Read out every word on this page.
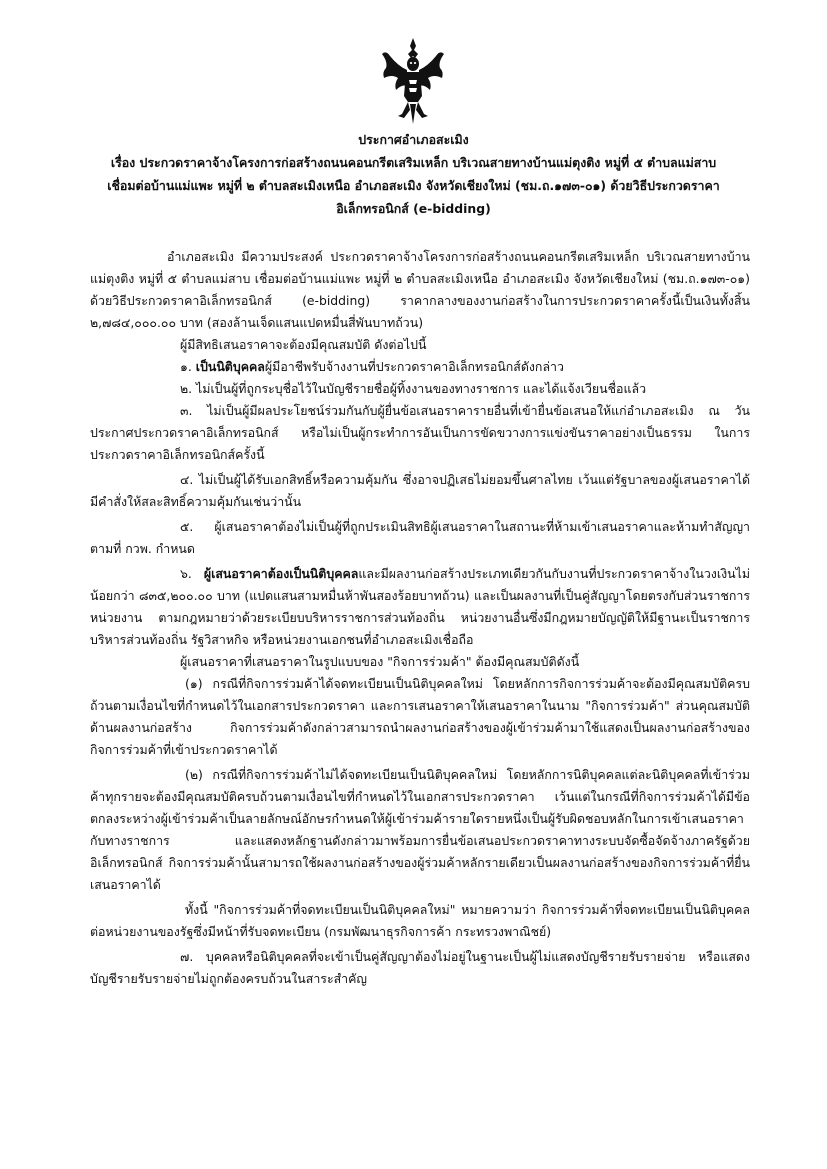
ประกาศอำเภอสะเมิง
เรื่อง ประกวดราคาจ้างโครงการก่อสร้างถนนคอนกรีตเสริมเหล็ก บริเวณสายทางบ้านแม่ตุงติง หมู่ที่ ๕ ตำบลแม่สาบ
เชื่อมต่อบ้านแม่แพะ หมู่ที่ ๒ ตำบลสะเมิงเหนือ อำเภอสะเมิง จังหวัดเชียงใหม่ (ชม.ถ.๑๗๓-๐๑) ด้วยวิธีประกวดราคา
อิเล็กทรอนิกส์ (e-bidding)

อำเภอสะเมิง มีความประสงค์ ประกวดราคาจ้างโครงการก่อสร้างถนนคอนกรีตเสริมเหล็ก บริเวณสายทางบ้านแม่ตุงติง หมู่ที่ ๕ ตำบลแม่สาบ เชื่อมต่อบ้านแม่แพะ หมู่ที่ ๒ ตำบลสะเมิงเหนือ อำเภอสะเมิง จังหวัดเชียงใหม่ (ชม.ถ.๑๗๓-๐๑) ด้วยวิธีประกวดราคาอิเล็กทรอนิกส์ (e-bidding) ราคากลางของงานก่อสร้างในการประกวดราคาครั้งนี้เป็นเงินทั้งสิ้น ๒,๗๘๔,๐๐๐.๐๐ บาท (สองล้านเจ็ดแสนแปดหมื่นสี่พันบาทถ้วน)

ผู้มีสิทธิเสนอราคาจะต้องมีคุณสมบัติ ดังต่อไปนี้

๑. เป็นนิติบุคคลผู้มีอาชีพรับจ้างงานที่ประกวดราคาอิเล็กทรอนิกส์ดังกล่าว

๒. ไม่เป็นผู้ที่ถูกระบุชื่อไว้ในบัญชีรายชื่อผู้ทิ้งงานของทางราชการ และได้แจ้งเวียนชื่อแล้ว

๓. ไม่เป็นผู้มีผลประโยชน์ร่วมกันกับผู้ยื่นข้อเสนอราคารายอื่นที่เข้ายื่นข้อเสนอให้แก่อำเภอสะเมิง ณ วันประกาศประกวดราคาอิเล็กทรอนิกส์ หรือไม่เป็นผู้กระทำการอันเป็นการขัดขวางการแข่งขันราคาอย่างเป็นธรรม ในการประกวดราคาอิเล็กทรอนิกส์ครั้งนี้

๔. ไม่เป็นผู้ได้รับเอกสิทธิ์หรือความคุ้มกัน ซึ่งอาจปฏิเสธไม่ยอมขึ้นศาลไทย เว้นแต่รัฐบาลของผู้เสนอราคาได้มีคำสั่งให้สละสิทธิ์ความคุ้มกันเช่นว่านั้น

๕. ผู้เสนอราคาต้องไม่เป็นผู้ที่ถูกประเมินสิทธิผู้เสนอราคาในสถานะที่ห้ามเข้าเสนอราคาและห้ามทำสัญญาตามที่ กวพ. กำหนด

๖. ผู้เสนอราคาต้องเป็นนิติบุคคลและมีผลงานก่อสร้างประเภทเดียวกันกับงานที่ประกวดราคาจ้างในวงเงินไม่น้อยกว่า ๘๓๕,๒๐๐.๐๐ บาท (แปดแสนสามหมื่นห้าพันสองร้อยบาทถ้วน) และเป็นผลงานที่เป็นคู่สัญญาโดยตรงกับส่วนราชการ หน่วยงาน ตามกฎหมายว่าด้วยระเบียบบริหารราชการส่วนท้องถิ่น หน่วยงานอื่นซึ่งมีกฎหมายบัญญัติให้มีฐานะเป็นราชการบริหารส่วนท้องถิ่น รัฐวิสาหกิจ หรือหน่วยงานเอกชนที่อำเภอสะเมิงเชื่อถือ

ผู้เสนอราคาที่เสนอราคาในรูปแบบของ "กิจการร่วมค้า" ต้องมีคุณสมบัติดังนี้

(๑) กรณีที่กิจการร่วมค้าได้จดทะเบียนเป็นนิติบุคคลใหม่ โดยหลักการกิจการร่วมค้าจะต้องมีคุณสมบัติครบถ้วนตามเงื่อนไขที่กำหนดไว้ในเอกสารประกวดราคา และการเสนอราคาให้เสนอราคาในนาม "กิจการร่วมค้า" ส่วนคุณสมบัติด้านผลงานก่อสร้าง กิจการร่วมค้าดังกล่าวสามารถนำผลงานก่อสร้างของผู้เข้าร่วมค้ามาใช้แสดงเป็นผลงานก่อสร้างของกิจการร่วมค้าที่เข้าประกวดราคาได้

(๒) กรณีที่กิจการร่วมค้าไม่ได้จดทะเบียนเป็นนิติบุคคลใหม่ โดยหลักการนิติบุคคลแต่ละนิติบุคคลที่เข้าร่วมค้าทุกรายจะต้องมีคุณสมบัติครบถ้วนตามเงื่อนไขที่กำหนดไว้ในเอกสารประกวดราคา เว้นแต่ในกรณีที่กิจการร่วมค้าได้มีข้อตกลงระหว่างผู้เข้าร่วมค้าเป็นลายลักษณ์อักษรกำหนดให้ผู้เข้าร่วมค้ารายใดรายหนึ่งเป็นผู้รับผิดชอบหลักในการเข้าเสนอราคากับทางราชการ และแสดงหลักฐานดังกล่าวมาพร้อมการยื่นข้อเสนอประกวดราคาทางระบบจัดซื้อจัดจ้างภาครัฐด้วยอิเล็กทรอนิกส์ กิจการร่วมค้านั้นสามารถใช้ผลงานก่อสร้างของผู้ร่วมค้าหลักรายเดียวเป็นผลงานก่อสร้างของกิจการร่วมค้าที่ยื่นเสนอราคาได้

ทั้งนี้ "กิจการร่วมค้าที่จดทะเบียนเป็นนิติบุคคลใหม่" หมายความว่า กิจการร่วมค้าที่จดทะเบียนเป็นนิติบุคคลต่อหน่วยงานของรัฐซึ่งมีหน้าที่รับจดทะเบียน (กรมพัฒนาธุรกิจการค้า กระทรวงพาณิชย์)

๗. บุคคลหรือนิติบุคคลที่จะเข้าเป็นคู่สัญญาต้องไม่อยู่ในฐานะเป็นผู้ไม่แสดงบัญชีรายรับรายจ่าย หรือแสดงบัญชีรายรับรายจ่ายไม่ถูกต้องครบถ้วนในสาระสำคัญ
